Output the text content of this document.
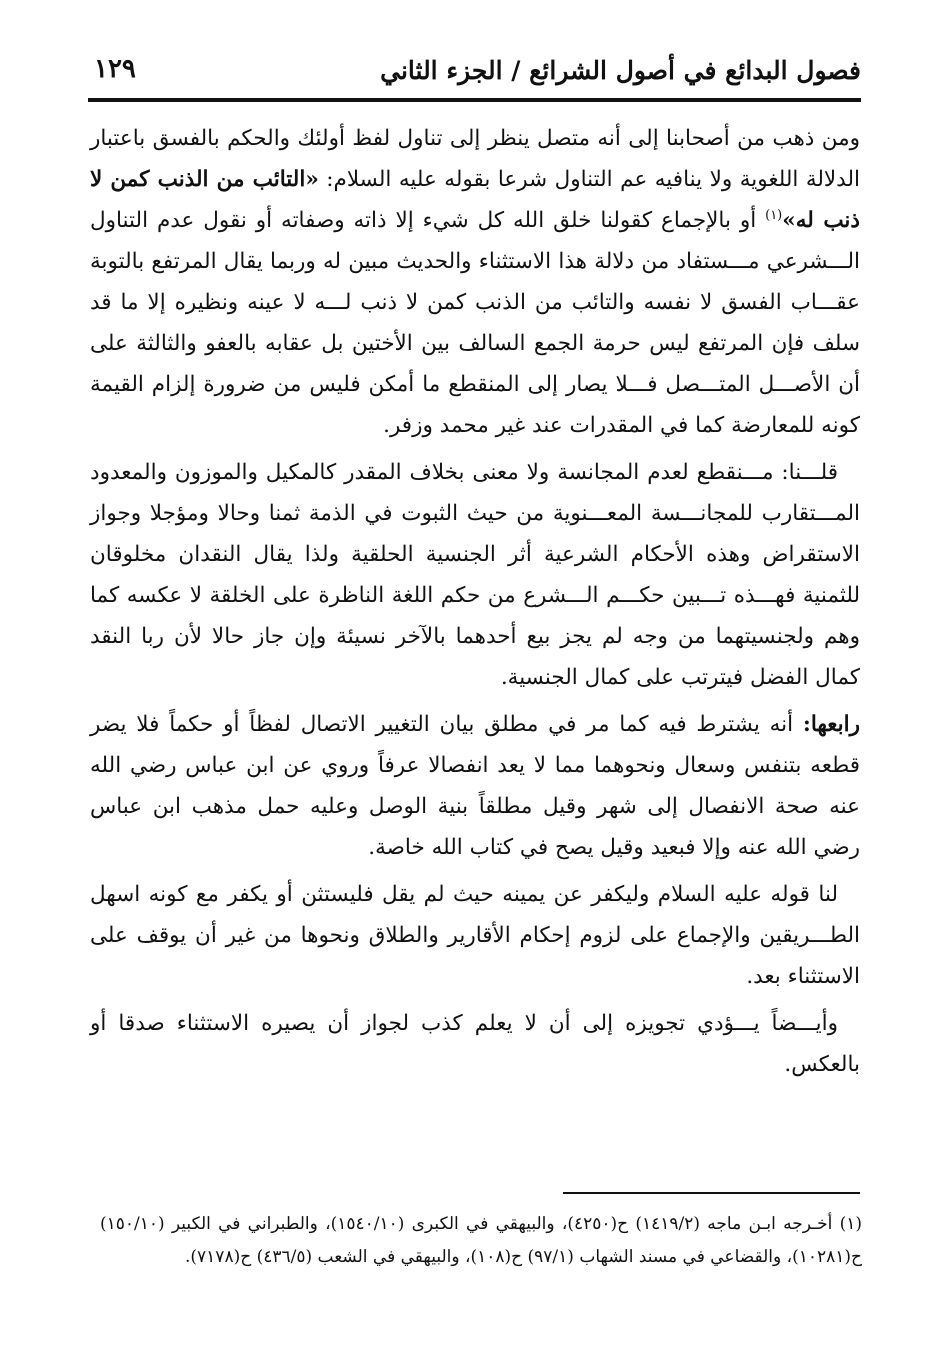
فصول البدائع في أصول الشرائع / الجزء الثاني
١٢٩

ومن ذهب من أصحابنا إلى أنه متصل ينظر إلى تناول لفظ أولئك والحكم بالفسق باعتبار الدلالة اللغوية ولا ينافيه عم التناول شرعا بقوله عليه السلام: «التائب من الذنب كمن لا ذنب له»$^{(١)}$ أو بالإجماع كقولنا خلق الله كل شيء إلا ذاته وصفاته أو نقول عدم التناول الـــشرعي مـــستفاد من دلالة هذا الاستثناء والحديث مبين له وربما يقال المرتفع بالتوبة عقـــاب الفسق لا نفسه والتائب من الذنب كمن لا ذنب لـــه لا عينه ونظيره إلا ما قد سلف فإن المرتفع ليس حرمة الجمع السالف بين الأختين بل عقابه بالعفو والثالثة على أن الأصـــل المتـــصل فـــلا يصار إلى المنقطع ما أمكن فليس من ضرورة إلزام القيمة كونه للمعارضة كما في المقدرات عند غير محمد وزفر.

قلـــنا: مـــنقطع لعدم المجانسة ولا معنى بخلاف المقدر كالمكيل والموزون والمعدود المـــتقارب للمجانـــسة المعـــنوية من حيث الثبوت في الذمة ثمنا وحالا ومؤجلا وجواز الاستقراض وهذه الأحكام الشرعية أثر الجنسية الحلقية ولذا يقال النقدان مخلوقان للثمنية فهـــذه تـــبين حكـــم الـــشرع من حكم اللغة الناظرة على الخلقة لا عكسه كما وهم ولجنسيتهما من وجه لم يجز بيع أحدهما بالآخر نسيئة وإن جاز حالا لأن ربا النقد كمال الفضل فيترتب على كمال الجنسية.

رابعها: أنه يشترط فيه كما مر في مطلق بيان التغيير الاتصال لفظاً أو حكماً فلا يضر قطعه بتنفس وسعال ونحوهما مما لا يعد انفصالا عرفاً وروي عن ابن عباس رضي الله عنه صحة الانفصال إلى شهر وقيل مطلقاً بنية الوصل وعليه حمل مذهب ابن عباس رضي الله عنه وإلا فبعيد وقيل يصح في كتاب الله خاصة.

لنا قوله عليه السلام وليكفر عن يمينه حيث لم يقل فليستثن أو يكفر مع كونه اسهل الطـــريقين والإجماع على لزوم إحكام الأقارير والطلاق ونحوها من غير أن يوقف على الاستثناء بعد.

وأيـــضاً يـــؤدي تجويزه إلى أن لا يعلم كذب لجواز أن يصيره الاستثناء صدقا أو بالعكس.

(١) أخـرجه ابـن ماجه (١٤١٩/٢) ح(٤٢٥٠)، والبيهقي في الكبرى (١٥٤٠/١٠)، والطبراني في الكبير (١٥٠/١٠) ح(١٠٢٨١)، والقضاعي في مسند الشهاب (٩٧/١) ح(١٠٨)، والبيهقي في الشعب (٤٣٦/٥) ح(٧١٧٨).
